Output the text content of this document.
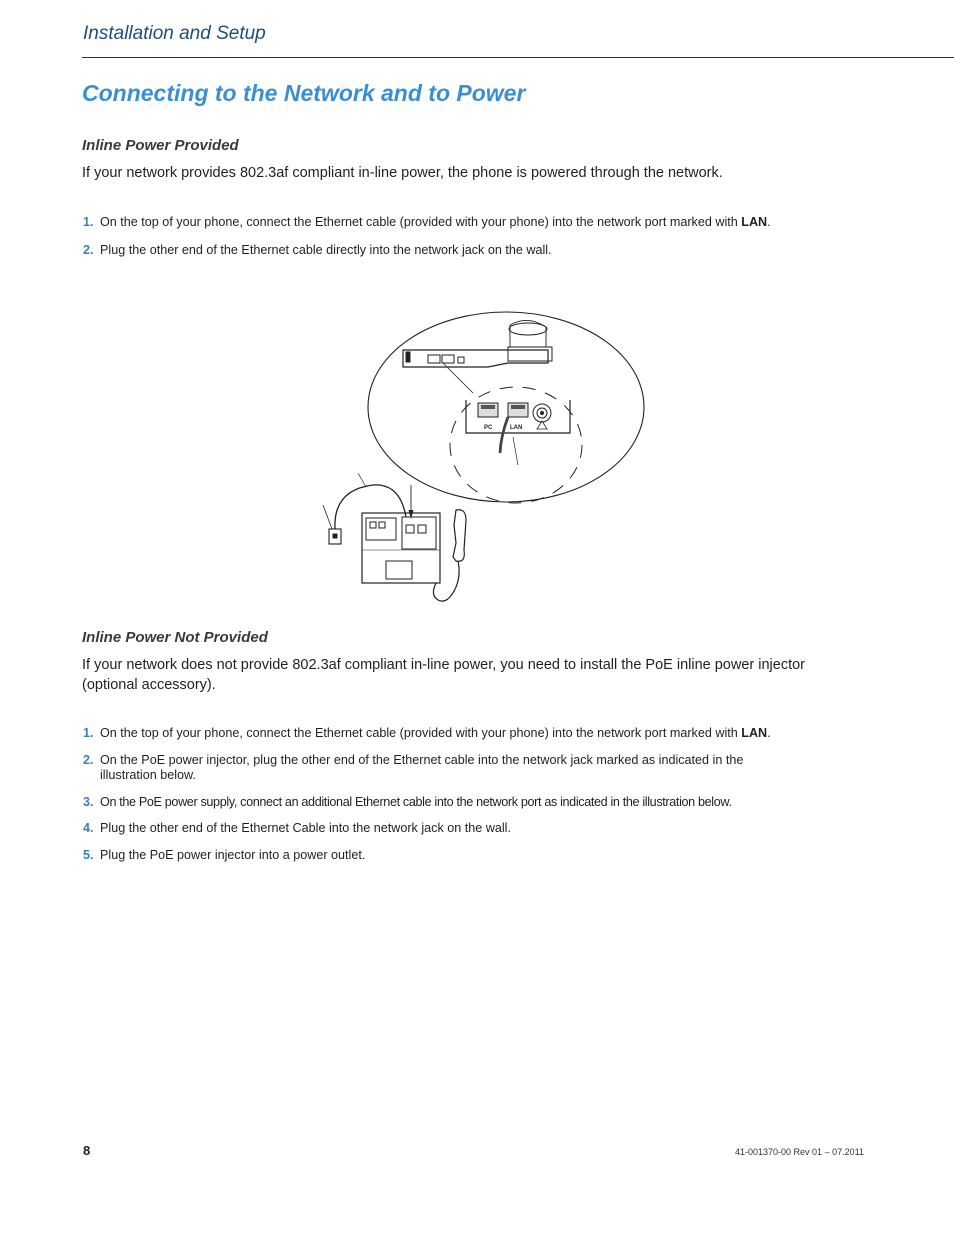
Installation and Setup
Connecting to the Network and to Power
Inline Power Provided

If your network provides 802.3af compliant in-line power, the phone is powered through the network.

1. On the top of your phone, connect the Ethernet cable (provided with your phone) into the network port marked with LAN.
2. Plug the other end of the Ethernet cable directly into the network jack on the wall.
PC	LAN
Inline Power Not Provided

If your network does not provide 802.3af compliant in-line power, you need to install the PoE inline power injector (optional accessory).

1. On the top of your phone, connect the Ethernet cable (provided with your phone) into the network port marked with LAN.
2. On the PoE power injector, plug the other end of the Ethernet cable into the network jack marked as indicated in the illustration below.
3. On the PoE power supply, connect an additional Ethernet cable into the network port as indicated in the illustration below.
4. Plug the other end of the Ethernet Cable into the network jack on the wall.
5. Plug the PoE power injector into a power outlet.
8	41-001370-00 Rev 01 – 07.2011
